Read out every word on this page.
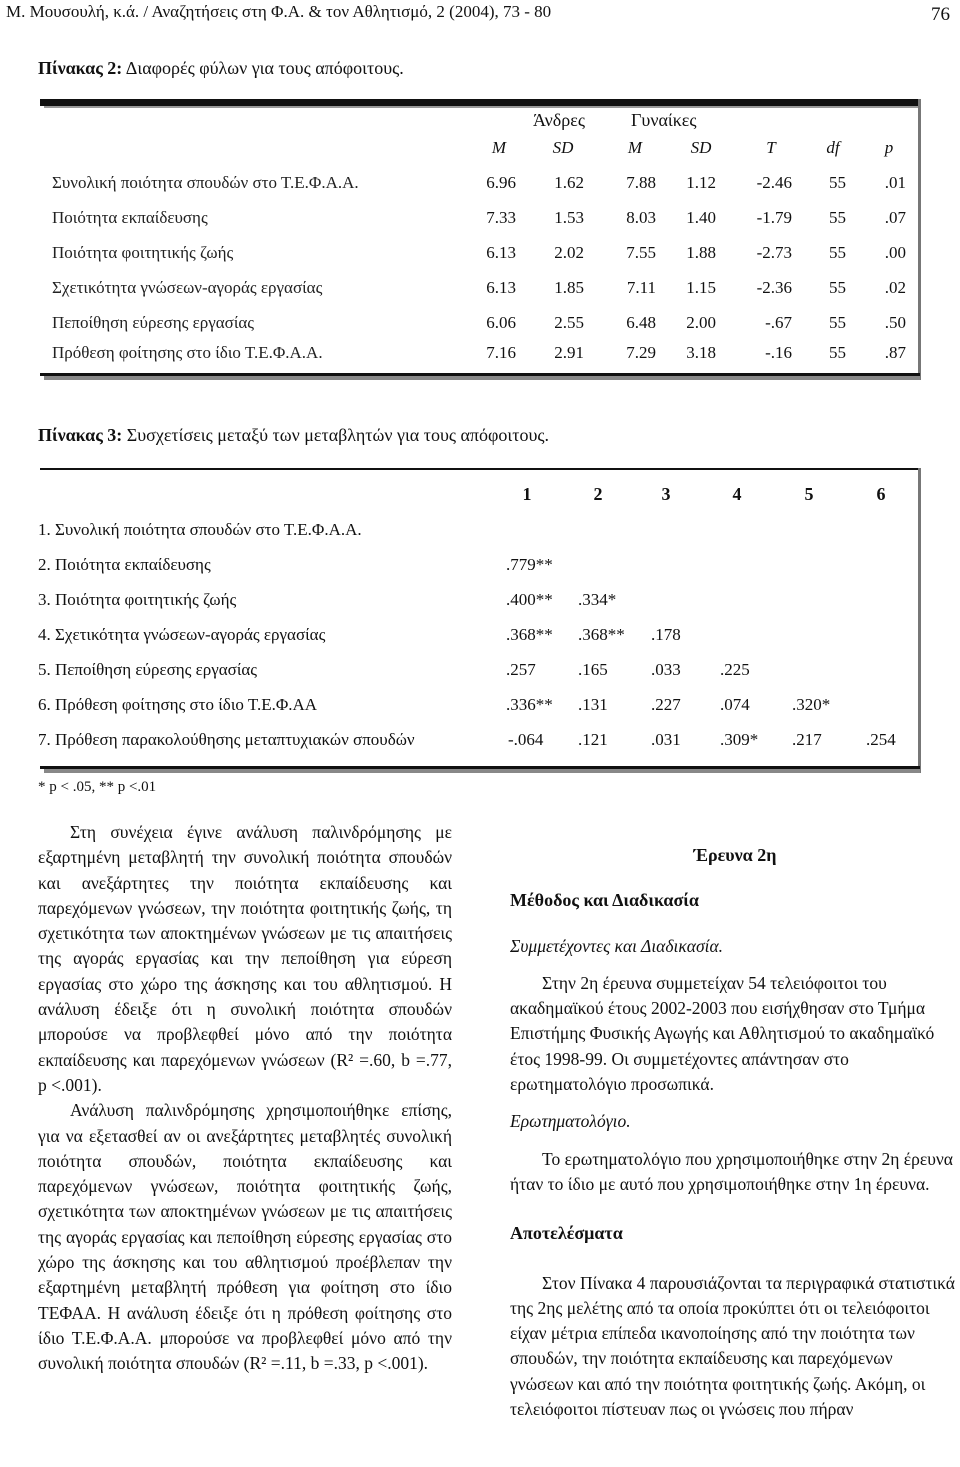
Μ. Μουσουλή, κ.ά. / Αναζητήσεις στη Φ.Α. & τον Αθλητισμό, 2 (2004), 73 - 80	76
Πίνακας 2: Διαφορές φύλων για τους απόφοιτους.
Άνδρες	Γυναίκες
M	SD	M	SD	T	df	p
Συνολική ποιότητα σπουδών στο Τ.Ε.Φ.Α.Α.	6.96	1.62	7.88	1.12	-2.46	55	.01
Ποιότητα εκπαίδευσης	7.33	1.53	8.03	1.40	-1.79	55	.07
Ποιότητα φοιτητικής ζωής	6.13	2.02	7.55	1.88	-2.73	55	.00
Σχετικότητα γνώσεων-αγοράς εργασίας	6.13	1.85	7.11	1.15	-2.36	55	.02
Πεποίθηση εύρεσης εργασίας	6.06	2.55	6.48	2.00	-.67	55	.50
Πρόθεση φοίτησης στο ίδιο Τ.Ε.Φ.Α.Α.	7.16	2.91	7.29	3.18	-.16	55	.87
Πίνακας 3: Συσχετίσεις μεταξύ των μεταβλητών για τους απόφοιτους.
1	2	3	4	5	6
1. Συνολική ποιότητα σπουδών στο Τ.Ε.Φ.Α.Α.
2. Ποιότητα εκπαίδευσης	.779**
3. Ποιότητα φοιτητικής ζωής	.400** .334*
4. Σχετικότητα γνώσεων-αγοράς εργασίας	.368** .368** .178
5. Πεποίθηση εύρεσης εργασίας	.257 .165	.033 .225
6. Πρόθεση φοίτησης στο ίδιο Τ.Ε.Φ.ΑΑ	.336** .131	.227 .074 .320*
7. Πρόθεση παρακολούθησης μεταπτυχιακών σπουδών	-.064 .121	.031 .309* .217	.254
* p < .05, ** p <.01

Στη συνέχεια έγινε ανάλυση παλινδρόμησης με εξαρτημένη μεταβλητή την συνολική ποιότητα σπουδών και ανεξάρτητες την ποιότητα εκπαίδευσης και παρεχόμενων γνώσεων, την ποιότητα φοιτητικής ζωής, τη σχετικότητα των αποκτημένων γνώσεων με τις απαιτήσεις της αγοράς εργασίας και την πεποίθηση για εύρεση εργασίας στο χώρο της άσκησης και του αθλητισμού. Η ανάλυση έδειξε ότι η συνολική ποιότητα σπουδών μπορούσε να προβλεφθεί μόνο από την ποιότητα εκπαίδευσης και παρεχόμενων γνώσεων (R² =.60, b =.77, p <.001).

Ανάλυση παλινδρόμησης χρησιμοποιήθηκε επίσης, για να εξετασθεί αν οι ανεξάρτητες μεταβλητές συνολική ποιότητα σπουδών, ποιότητα εκπαίδευσης και παρεχόμενων γνώσεων, ποιότητα φοιτητικής ζωής, σχετικότητα των αποκτημένων γνώσεων με τις απαιτήσεις της αγοράς εργασίας και πεποίθηση εύρεσης εργασίας στο χώρο της άσκησης και του αθλητισμού προέβλεπαν την εξαρτημένη μεταβλητή πρόθεση για φοίτηση στο ίδιο ΤΕΦΑΑ. Η ανάλυση έδειξε ότι η πρόθεση φοίτησης στο ίδιο Τ.Ε.Φ.Α.Α. μπορούσε να προβλεφθεί μόνο από την συνολική ποιότητα σπουδών (R² =.11, b =.33, p <.001).

Έρευνα 2η

Μέθοδος και Διαδικασία

Συμμετέχοντες και Διαδικασία.

Στην 2η έρευνα συμμετείχαν 54 τελειόφοιτοι του ακαδημαϊκού έτους 2002-2003 που εισήχθησαν στο Τμήμα Επιστήμης Φυσικής Αγωγής και Αθλητισμού το ακαδημαϊκό έτος 1998-99. Οι συμμετέχοντες απάντησαν στο ερωτηματολόγιο προσωπικά.

Ερωτηματολόγιο.

Το ερωτηματολόγιο που χρησιμοποιήθηκε στην 2η έρευνα ήταν το ίδιο με αυτό που χρησιμοποιήθηκε στην 1η έρευνα.

Αποτελέσματα

Στον Πίνακα 4 παρουσιάζονται τα περιγραφικά στατιστικά της 2ης μελέτης από τα οποία προκύπτει ότι οι τελειόφοιτοι είχαν μέτρια επίπεδα ικανοποίησης από την ποιότητα των σπουδών, την ποιότητα εκπαίδευσης και παρεχόμενων γνώσεων και από την ποιότητα φοιτητικής ζωής. Ακόμη, οι τελειόφοιτοι πίστευαν πως οι γνώσεις που πήραν
